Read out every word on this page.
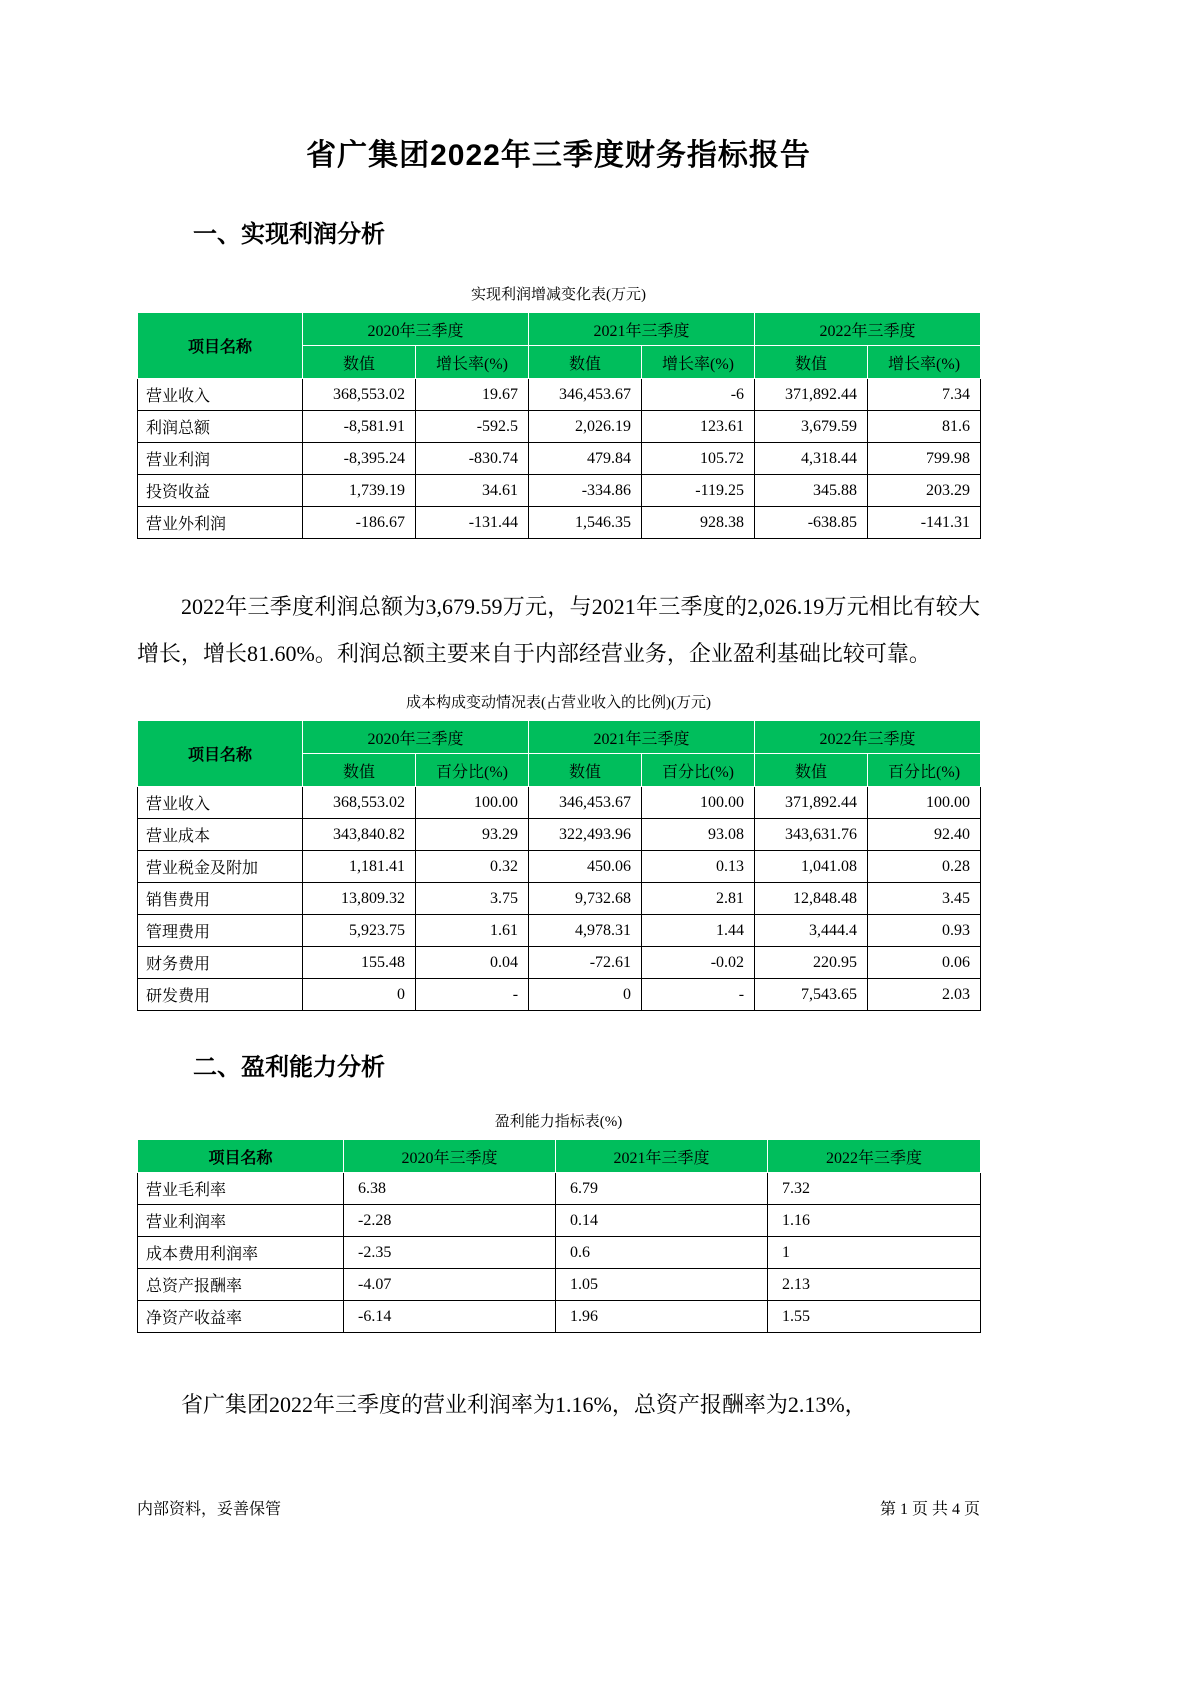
省广集团2022年三季度财务指标报告
一、实现利润分析
实现利润增减变化表(万元)
项目名称	2020年三季度		2021年三季度		2022年三季度	
	数值	增长率(%)	数值	增长率(%)	数值	增长率(%)
营业收入	368,553.02	19.67	346,453.67	-6	371,892.44	7.34
利润总额	-8,581.91	-592.5	2,026.19	123.61	3,679.59	81.6
营业利润	-8,395.24	-830.74	479.84	105.72	4,318.44	799.98
投资收益	1,739.19	34.61	-334.86	-119.25	345.88	203.29
营业外利润	-186.67	-131.44	1,546.35	928.38	-638.85	-141.31
2022年三季度利润总额为3,679.59万元，与2021年三季度的2,026.19万元相比有较大增长，增长81.60%。利润总额主要来自于内部经营业务，企业盈利基础比较可靠。
成本构成变动情况表(占营业收入的比例)(万元)
项目名称	2020年三季度		2021年三季度		2022年三季度	
	数值	百分比(%)	数值	百分比(%)	数值	百分比(%)
营业收入	368,553.02	100.00	346,453.67	100.00	371,892.44	100.00
营业成本	343,840.82	93.29	322,493.96	93.08	343,631.76	92.40
营业税金及附加	1,181.41	0.32	450.06	0.13	1,041.08	0.28
销售费用	13,809.32	3.75	9,732.68	2.81	12,848.48	3.45
管理费用	5,923.75	1.61	4,978.31	1.44	3,444.4	0.93
财务费用	155.48	0.04	-72.61	-0.02	220.95	0.06
研发费用	0	-	0	-	7,543.65	2.03
二、盈利能力分析
盈利能力指标表(%)
项目名称	2020年三季度	2021年三季度	2022年三季度
营业毛利率	6.38	6.79	7.32
营业利润率	-2.28	0.14	1.16
成本费用利润率	-2.35	0.6	1
总资产报酬率	-4.07	1.05	2.13
净资产收益率	-6.14	1.96	1.55
省广集团2022年三季度的营业利润率为1.16%，总资产报酬率为2.13%，
内部资料，妥善保管	第 1 页 共 4 页
